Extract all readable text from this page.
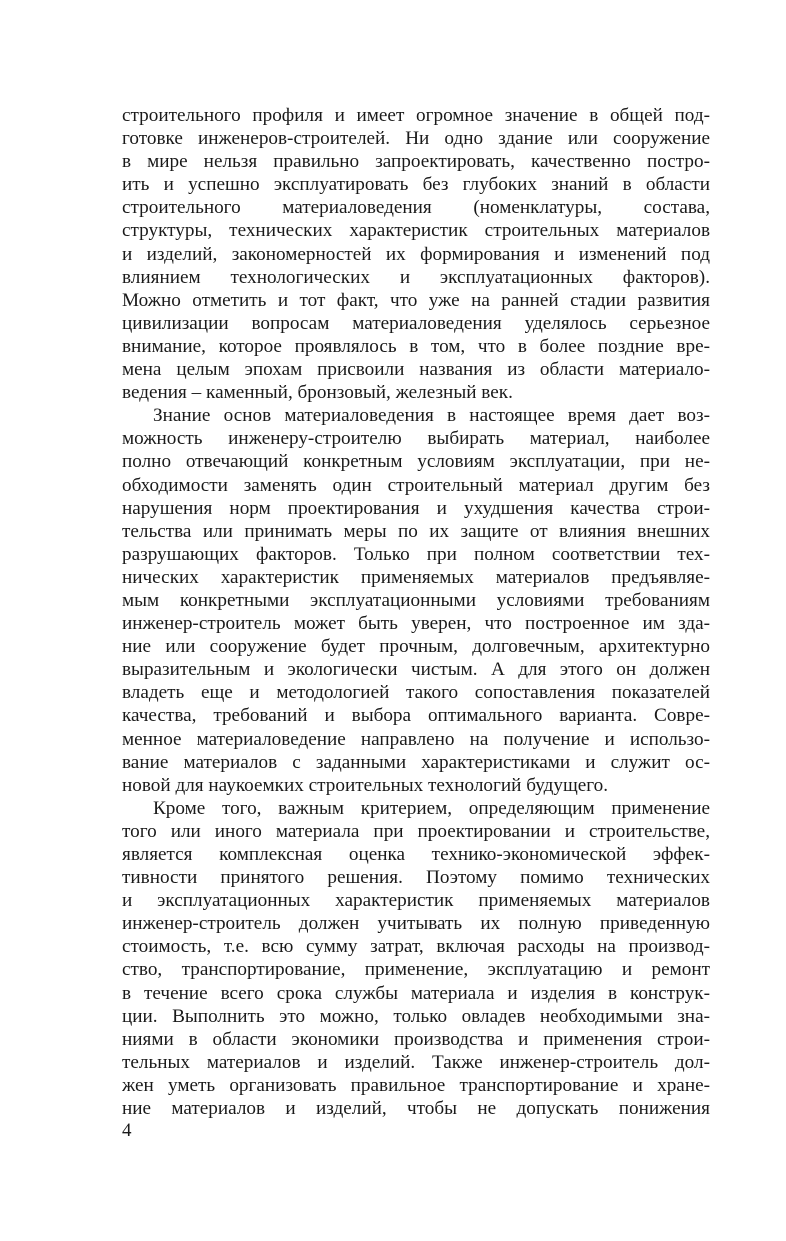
строительного профиля и имеет огромное значение в общей под-
готовке инженеров-строителей. Ни одно здание или сооружение
в мире нельзя правильно запроектировать, качественно постро-
ить и успешно эксплуатировать без глубоких знаний в области
строительного материаловедения (номенклатуры, состава,
структуры, технических характеристик строительных материалов
и изделий, закономерностей их формирования и изменений под
влиянием технологических и эксплуатационных факторов).
Можно отметить и тот факт, что уже на ранней стадии развития
цивилизации вопросам материаловедения уделялось серьезное
внимание, которое проявлялось в том, что в более поздние вре-
мена целым эпохам присвоили названия из области материало-
ведения – каменный, бронзовый, железный век.
Знание основ материаловедения в настоящее время дает воз-
можность инженеру-строителю выбирать материал, наиболее
полно отвечающий конкретным условиям эксплуатации, при не-
обходимости заменять один строительный материал другим без
нарушения норм проектирования и ухудшения качества строи-
тельства или принимать меры по их защите от влияния внешних
разрушающих факторов. Только при полном соответствии тех-
нических характеристик применяемых материалов предъявляе-
мым конкретными эксплуатационными условиями требованиям
инженер-строитель может быть уверен, что построенное им зда-
ние или сооружение будет прочным, долговечным, архитектурно
выразительным и экологически чистым. А для этого он должен
владеть еще и методологией такого сопоставления показателей
качества, требований и выбора оптимального варианта. Совре-
менное материаловедение направлено на получение и использо-
вание материалов с заданными характеристиками и служит ос-
новой для наукоемких строительных технологий будущего.
Кроме того, важным критерием, определяющим применение
того или иного материала при проектировании и строительстве,
является комплексная оценка технико-экономической эффек-
тивности принятого решения. Поэтому помимо технических
и эксплуатационных характеристик применяемых материалов
инженер-строитель должен учитывать их полную приведенную
стоимость, т.е. всю сумму затрат, включая расходы на производ-
ство, транспортирование, применение, эксплуатацию и ремонт
в течение всего срока службы материала и изделия в конструк-
ции. Выполнить это можно, только овладев необходимыми зна-
ниями в области экономики производства и применения строи-
тельных материалов и изделий. Также инженер-строитель дол-
жен уметь организовать правильное транспортирование и хране-
ние материалов и изделий, чтобы не допускать понижения
4
